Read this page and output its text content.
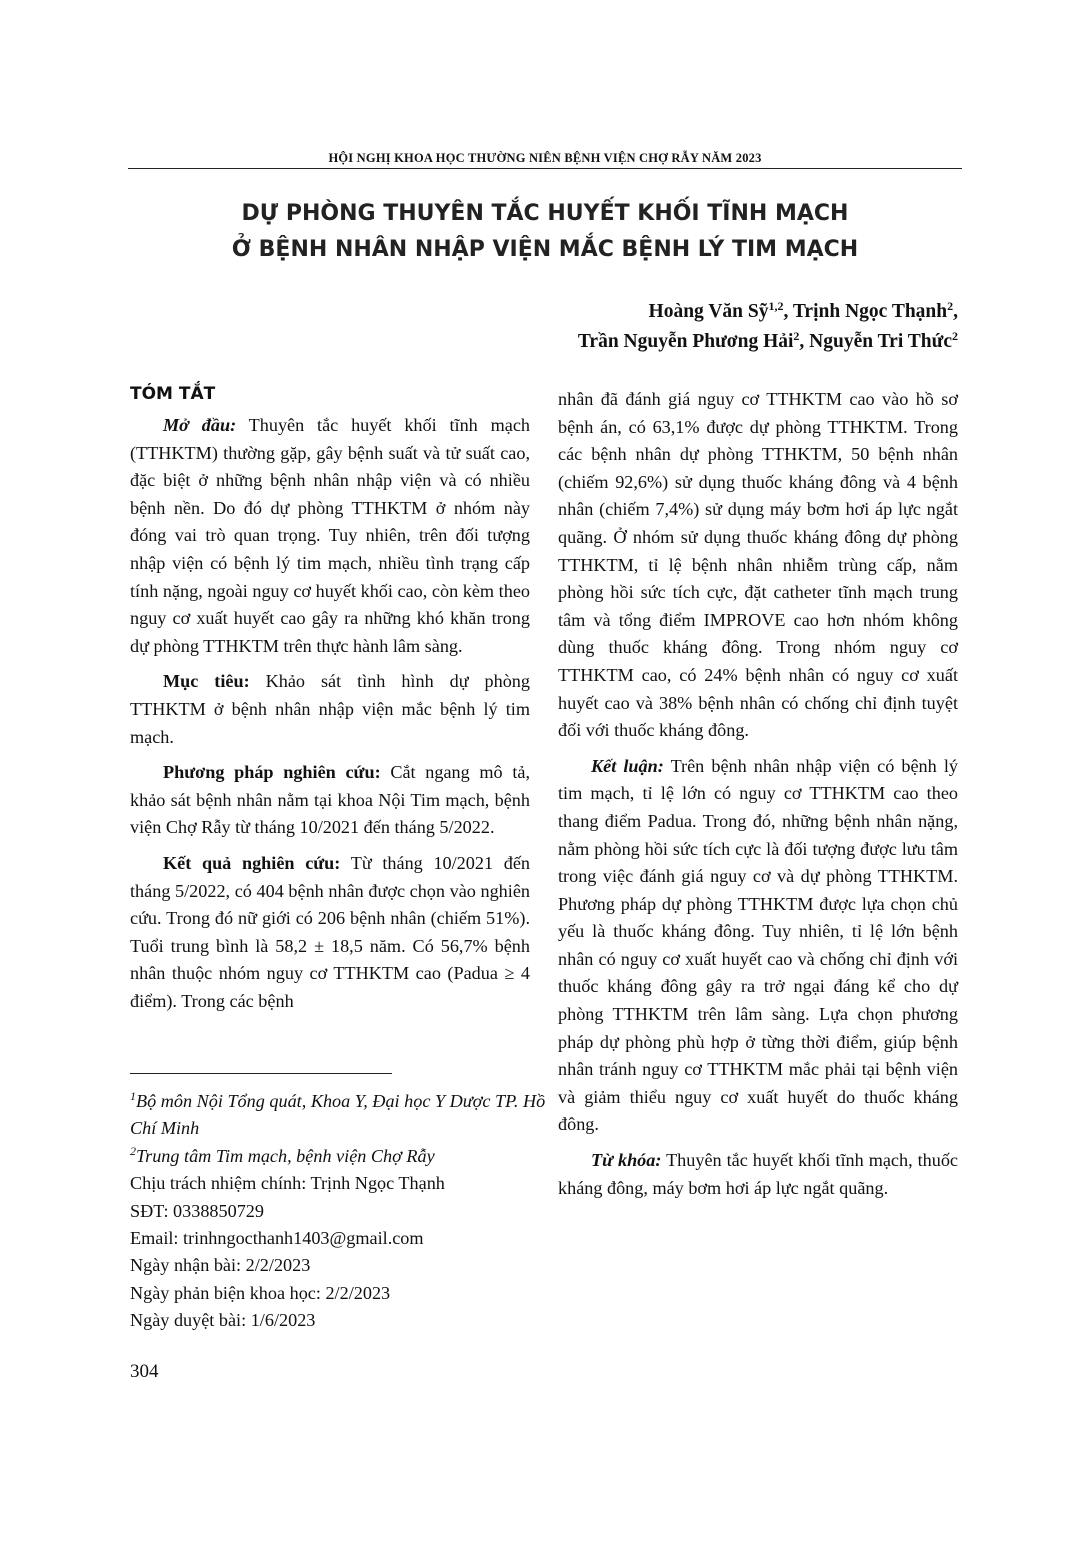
HỘI NGHỊ KHOA HỌC THƯỜNG NIÊN BỆNH VIỆN CHỢ RẪY NĂM 2023
DỰ PHÒNG THUYÊN TẮC HUYẾT KHỐI TĨNH MẠCH
Ở BỆNH NHÂN NHẬP VIỆN MẮC BỆNH LÝ TIM MẠCH
Hoàng Văn Sỹ$^{1,2}$, Trịnh Ngọc Thạnh$^2$,
Trần Nguyễn Phương Hải$^2$, Nguyễn Tri Thức$^2$
TÓM TẮT

Mở đầu: Thuyên tắc huyết khối tĩnh mạch (TTHKTM) thường gặp, gây bệnh suất và tử suất cao, đặc biệt ở những bệnh nhân nhập viện và có nhiều bệnh nền. Do đó dự phòng TTHKTM ở nhóm này đóng vai trò quan trọng. Tuy nhiên, trên đối tượng nhập viện có bệnh lý tim mạch, nhiều tình trạng cấp tính nặng, ngoài nguy cơ huyết khối cao, còn kèm theo nguy cơ xuất huyết cao gây ra những khó khăn trong dự phòng TTHKTM trên thực hành lâm sàng.

Mục tiêu: Khảo sát tình hình dự phòng TTHKTM ở bệnh nhân nhập viện mắc bệnh lý tim mạch.

Phương pháp nghiên cứu: Cắt ngang mô tả, khảo sát bệnh nhân nằm tại khoa Nội Tim mạch, bệnh viện Chợ Rẫy từ tháng 10/2021 đến tháng 5/2022.

Kết quả nghiên cứu: Từ tháng 10/2021 đến tháng 5/2022, có 404 bệnh nhân được chọn vào nghiên cứu. Trong đó nữ giới có 206 bệnh nhân (chiếm 51%). Tuổi trung bình là 58,2 ± 18,5 năm. Có 56,7% bệnh nhân thuộc nhóm nguy cơ TTHKTM cao (Padua ≥ 4 điểm). Trong các bệnh

$^1$Bộ môn Nội Tổng quát, Khoa Y, Đại học Y Dược TP. Hồ Chí Minh
$^2$Trung tâm Tim mạch, bệnh viện Chợ Rẫy
Chịu trách nhiệm chính: Trịnh Ngọc Thạnh
SĐT: 0338850729
Email: trinhngocthanh1403@gmail.com
Ngày nhận bài: 2/2/2023
Ngày phản biện khoa học: 2/2/2023
Ngày duyệt bài: 1/6/2023

nhân đã đánh giá nguy cơ TTHKTM cao vào hồ sơ bệnh án, có 63,1% được dự phòng TTHKTM. Trong các bệnh nhân dự phòng TTHKTM, 50 bệnh nhân (chiếm 92,6%) sử dụng thuốc kháng đông và 4 bệnh nhân (chiếm 7,4%) sử dụng máy bơm hơi áp lực ngắt quãng. Ở nhóm sử dụng thuốc kháng đông dự phòng TTHKTM, tỉ lệ bệnh nhân nhiễm trùng cấp, nằm phòng hồi sức tích cực, đặt catheter tĩnh mạch trung tâm và tổng điểm IMPROVE cao hơn nhóm không dùng thuốc kháng đông. Trong nhóm nguy cơ TTHKTM cao, có 24% bệnh nhân có nguy cơ xuất huyết cao và 38% bệnh nhân có chống chỉ định tuyệt đối với thuốc kháng đông.

Kết luận: Trên bệnh nhân nhập viện có bệnh lý tim mạch, tỉ lệ lớn có nguy cơ TTHKTM cao theo thang điểm Padua. Trong đó, những bệnh nhân nặng, nằm phòng hồi sức tích cực là đối tượng được lưu tâm trong việc đánh giá nguy cơ và dự phòng TTHKTM. Phương pháp dự phòng TTHKTM được lựa chọn chủ yếu là thuốc kháng đông. Tuy nhiên, tỉ lệ lớn bệnh nhân có nguy cơ xuất huyết cao và chống chỉ định với thuốc kháng đông gây ra trở ngại đáng kể cho dự phòng TTHKTM trên lâm sàng. Lựa chọn phương pháp dự phòng phù hợp ở từng thời điểm, giúp bệnh nhân tránh nguy cơ TTHKTM mắc phải tại bệnh viện và giảm thiểu nguy cơ xuất huyết do thuốc kháng đông.

Từ khóa: Thuyên tắc huyết khối tĩnh mạch, thuốc kháng đông, máy bơm hơi áp lực ngắt quãng.

304
